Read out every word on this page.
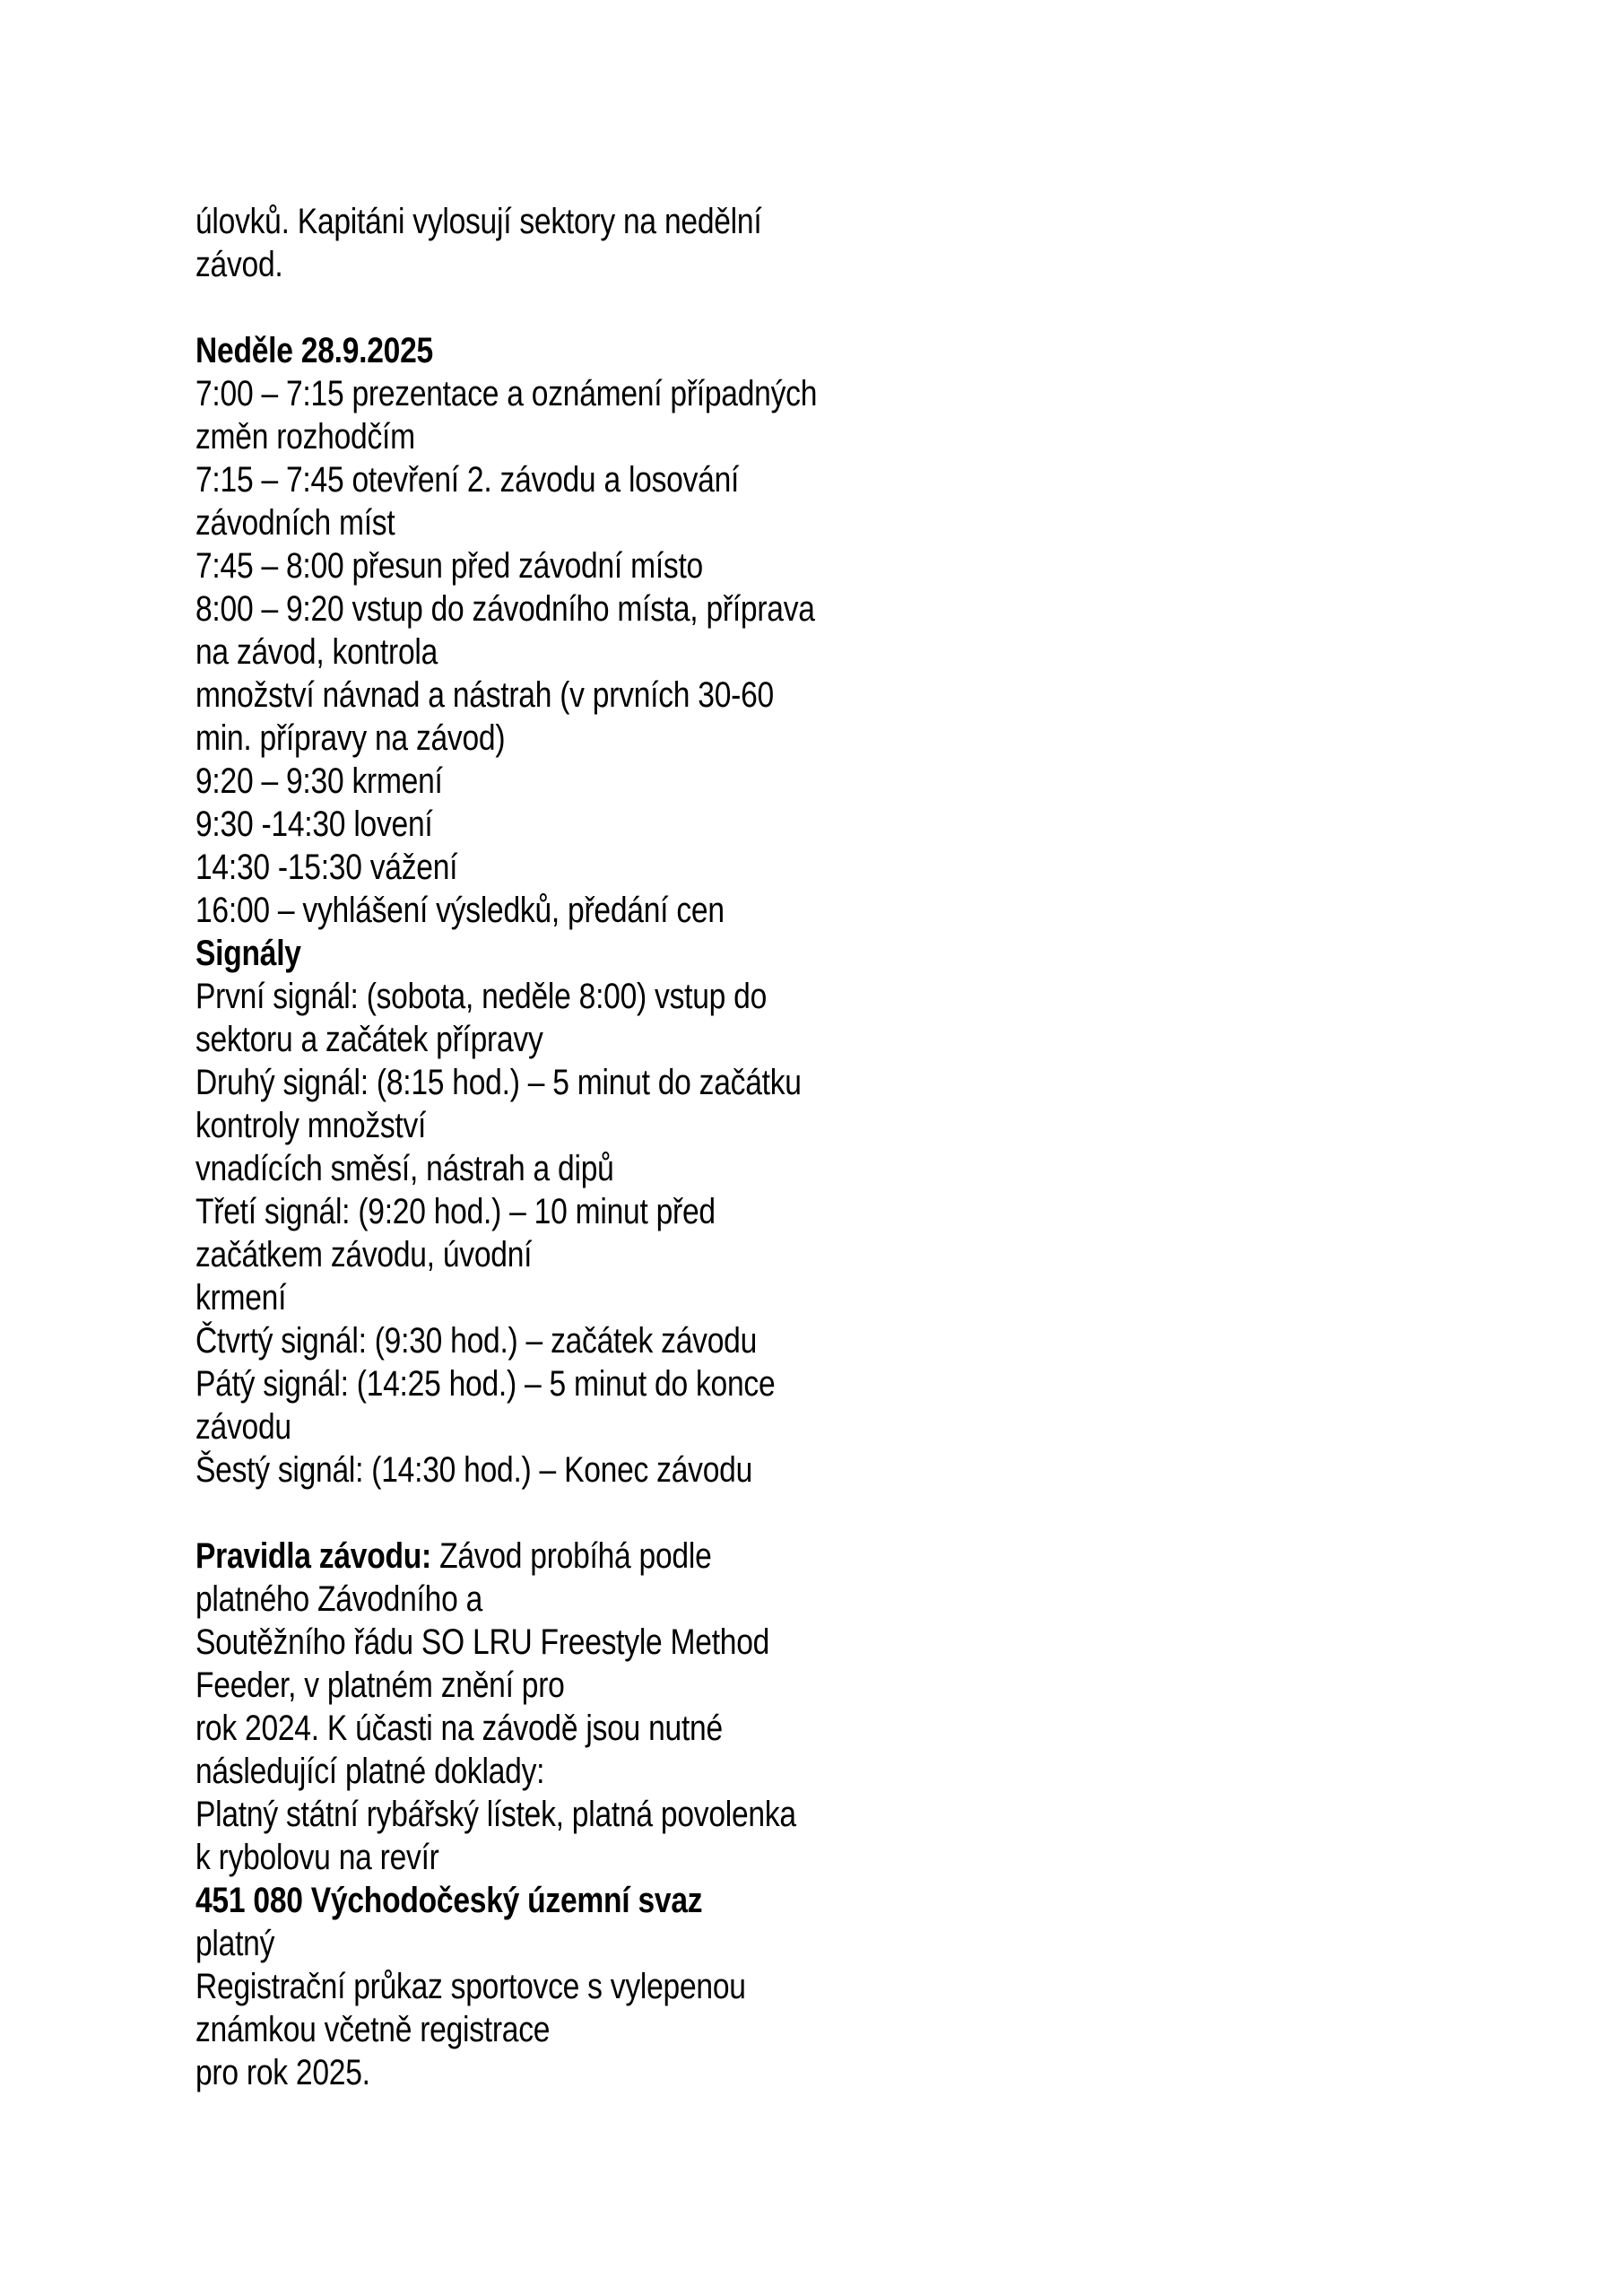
úlovků. Kapitáni vylosují sektory na nedělní
závod.
Neděle 28.9.2025
7:00 – 7:15 prezentace a oznámení případných
změn rozhodčím
7:15 – 7:45 otevření 2. závodu a losování
závodních míst
7:45 – 8:00 přesun před závodní místo
8:00 – 9:20 vstup do závodního místa, příprava
na závod, kontrola
množství návnad a nástrah (v prvních 30-60
min. přípravy na závod)
9:20 – 9:30 krmení
9:30 -14:30 lovení
14:30 -15:30 vážení
16:00 – vyhlášení výsledků, předání cen
Signály
První signál: (sobota, neděle 8:00) vstup do
sektoru a začátek přípravy
Druhý signál: (8:15 hod.) – 5 minut do začátku
kontroly množství
vnadících směsí, nástrah a dipů
Třetí signál: (9:20 hod.) – 10 minut před
začátkem závodu, úvodní
krmení
Čtvrtý signál: (9:30 hod.) – začátek závodu
Pátý signál: (14:25 hod.) – 5 minut do konce
závodu
Šestý signál: (14:30 hod.) – Konec závodu
Pravidla závodu: Závod probíhá podle
platného Závodního a
Soutěžního řádu SO LRU Freestyle Method
Feeder, v platném znění pro
rok 2024. K účasti na závodě jsou nutné
následující platné doklady:
Platný státní rybářský lístek, platná povolenka
k rybolovu na revír
451 080 Východočeský územní svaz
platný
Registrační průkaz sportovce s vylepenou
známkou včetně registrace
pro rok 2025.
